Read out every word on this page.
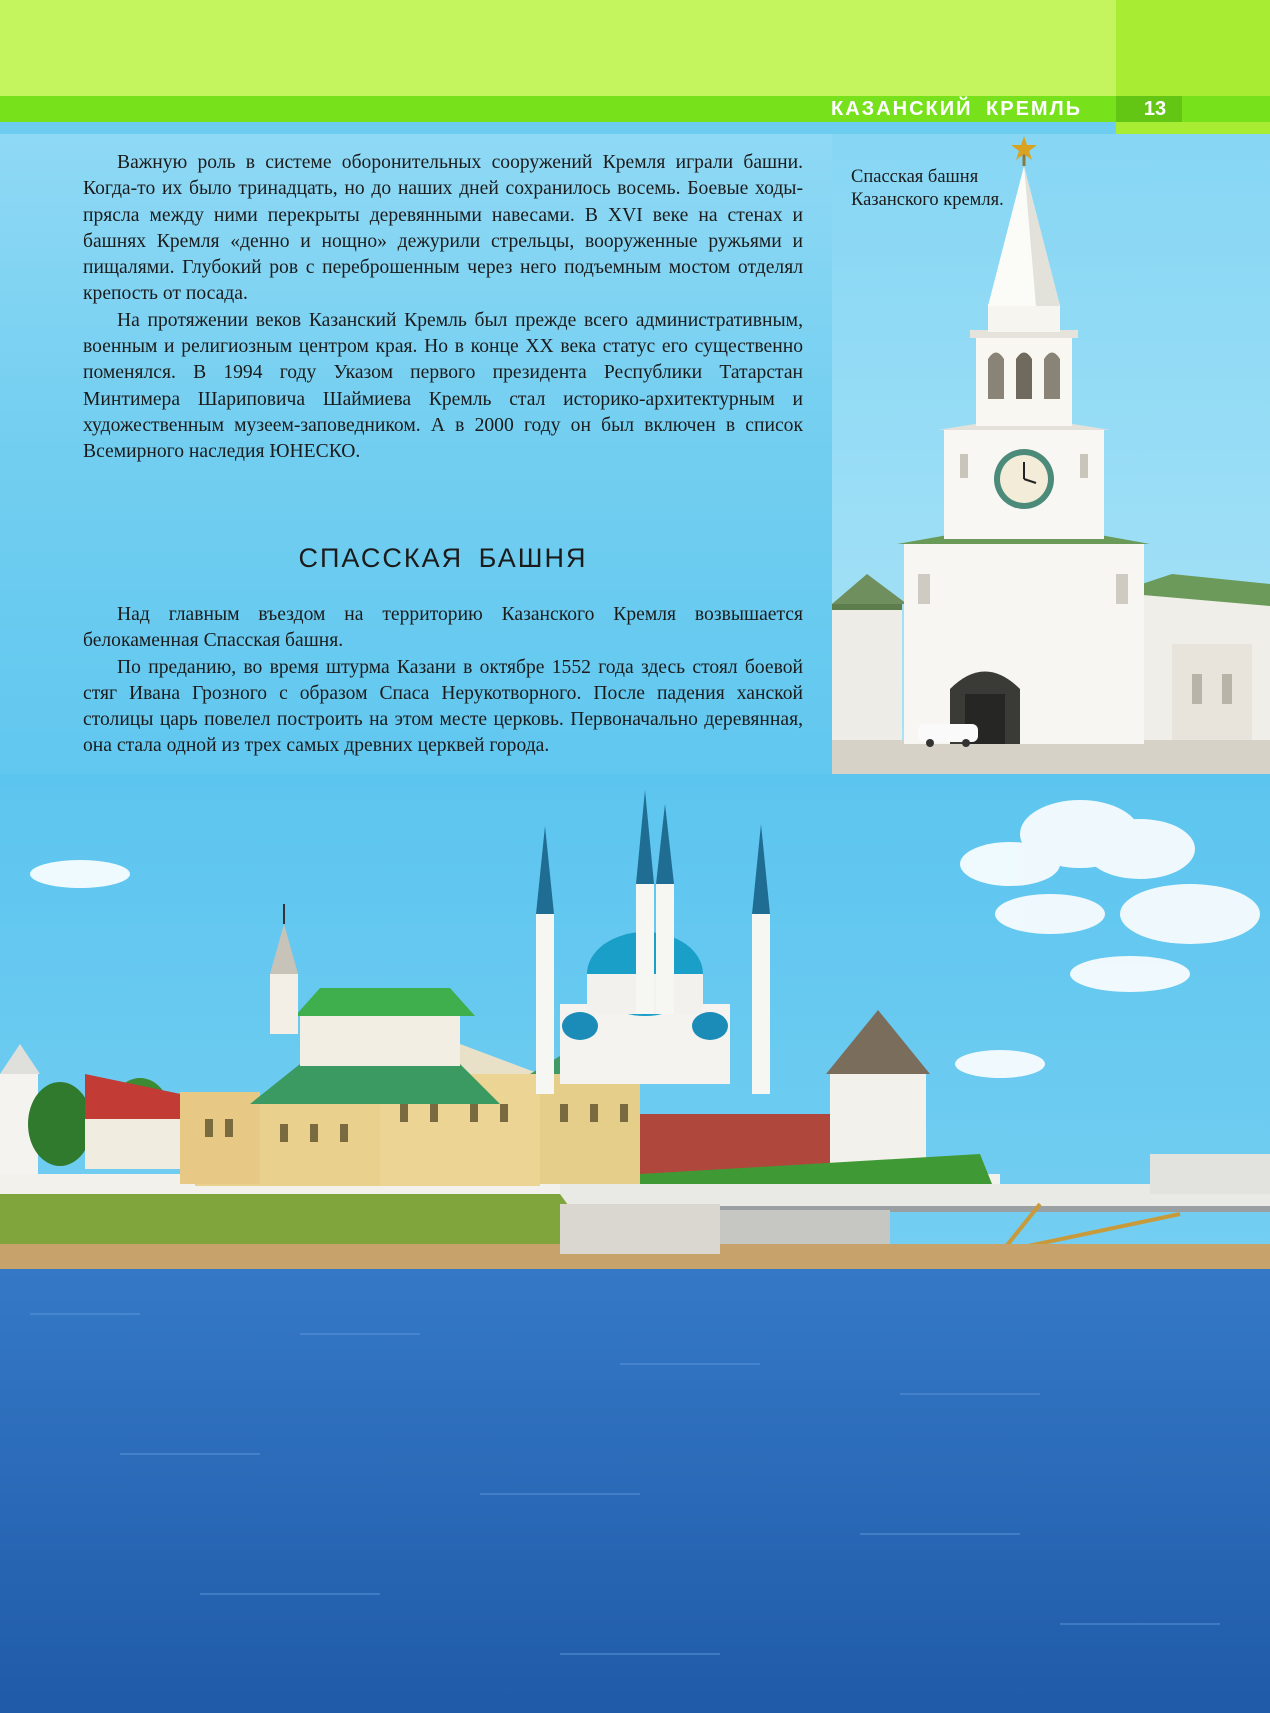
КАЗАНСКИЙ КРЕМЛЬ	13

Важную роль в системе оборонительных сооружений Кремля играли башни. Когда-то их было тринадцать, но до наших дней сохранилось восемь. Боевые ходы-прясла между ними перекрыты деревянными навесами. В XVI веке на стенах и башнях Кремля «денно и нощно» дежурили стрельцы, вооруженные ружьями и пищалями. Глубокий ров с переброшенным через него подъемным мостом отделял крепость от посада.

На протяжении веков Казанский Кремль был прежде всего административным, военным и религиозным центром края. Но в конце XX века статус его существенно поменялся. В 1994 году Указом первого президента Республики Татарстан Минтимера Шариповича Шаймиева Кремль стал историко-архитектурным и художественным музеем-заповедником. А в 2000 году он был включен в список Всемирного наследия ЮНЕСКО.

СПАССКАЯ БАШНЯ

Над главным въездом на территорию Казанского Кремля возвышается белокаменная Спасская башня.

По преданию, во время штурма Казани в октябре 1552 года здесь стоял боевой стяг Ивана Грозного с образом Спаса Нерукотворного. После падения ханской столицы царь повелел построить на этом месте церковь. Первоначально деревянная, она стала одной из трех самых древних церквей города.

Спасская башня Казанского кремля.
